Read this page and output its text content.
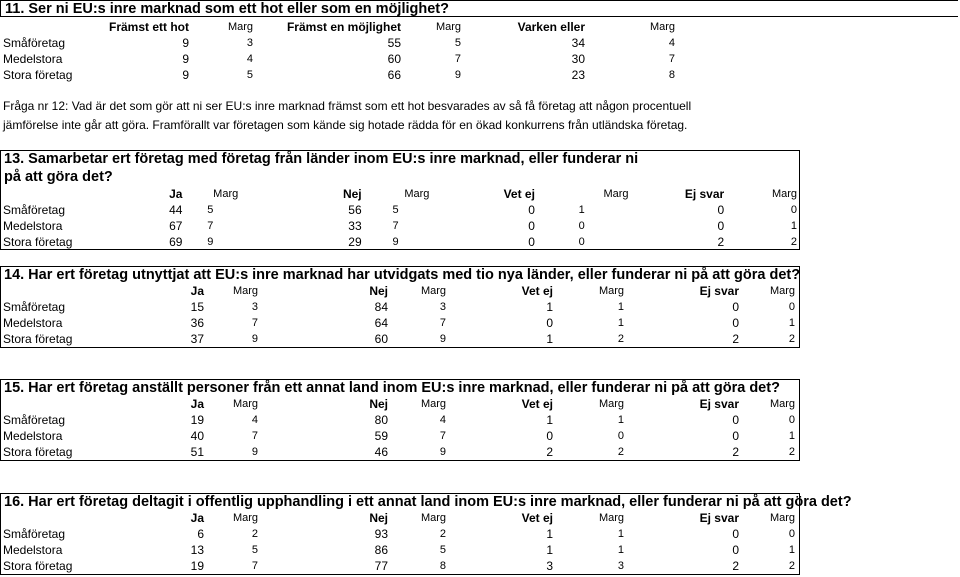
11. Ser ni EU:s inre marknad som ett hot eller som en möjlighet?
	Främst ett hot	Marg	Främst en möjlighet	Marg	Varken eller	Marg
Småföretag	9	3	55	5	34	4
Medelstora	9	4	60	7	30	7
Stora företag	9	5	66	9	23	8
Fråga nr 12: Vad är det som gör att ni ser EU:s inre marknad främst som ett hot besvarades av så få företag att någon procentuell
jämförelse inte går att göra. Framförallt var företagen som kände sig hotade rädda för en ökad konkurrens från utländska företag.
13. Samarbetar ert företag med företag från länder inom EU:s inre marknad, eller funderar ni
på att göra det?
	Ja	Marg	Nej	Marg	Vet ej	Marg	Ej svar	Marg
Småföretag	44	5	56	5	0	1	0	0
Medelstora	67	7	33	7	0	0	0	1
Stora företag	69	9	29	9	0	0	2	2
14. Har ert företag utnyttjat att EU:s inre marknad har utvidgats med tio nya länder, eller funderar ni på att göra det?
	Ja	Marg	Nej	Marg	Vet ej	Marg	Ej svar	Marg
Småföretag	15	3	84	3	1	1	0	0
Medelstora	36	7	64	7	0	1	0	1
Stora företag	37	9	60	9	1	2	2	2
15. Har ert företag anställt personer från ett annat land inom EU:s inre marknad, eller funderar ni på att göra det?
	Ja	Marg	Nej	Marg	Vet ej	Marg	Ej svar	Marg
Småföretag	19	4	80	4	1	1	0	0
Medelstora	40	7	59	7	0	0	0	1
Stora företag	51	9	46	9	2	2	2	2
16. Har ert företag deltagit i offentlig upphandling i ett annat land inom EU:s inre marknad, eller funderar ni på att göra det?
	Ja	Marg	Nej	Marg	Vet ej	Marg	Ej svar	Marg
Småföretag	6	2	93	2	1	1	0	0
Medelstora	13	5	86	5	1	1	0	1
Stora företag	19	7	77	8	3	3	2	2
